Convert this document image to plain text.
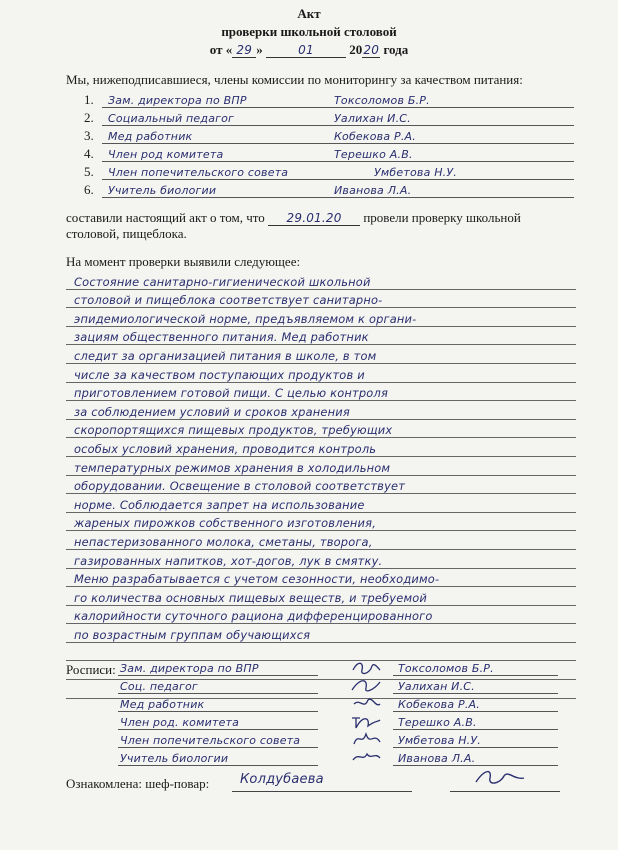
Акт
проверки школьной столовой
от « 29 »	01	2020 года
Мы, нижеподписавшиеся, члены комиссии по мониторингу за качеством питания:
1. Зам. директора по ВПР	Токсоломов Б.Р.
2. Социальный педагог	Уалихан И.С.
3. Мед работник	Кобекова Р.А.
4. Член род комитета	Терешко А.В.
5. Член попечительского совета	Умбетова Н.У.
6. Учитель биологии	Иванова Л.А.
составили настоящий акт о том, что 29.01.20 провели проверку школьной
столовой, пищеблока.
На момент проверки выявили следующее:
Состояние санитарно-гигиенической школьной
столовой и пищеблока соответствует санитарно-
эпидемиологической норме, предъявляемом к органи-
зациям общественного питания. Мед работник
следит за организацией питания в школе, в том
числе за качеством поступающих продуктов и
приготовлением готовой пищи. С целью контроля
за соблюдением условий и сроков хранения
скоропортящихся пищевых продуктов, требующих
особых условий хранения, проводится контроль
температурных режимов хранения в холодильном
оборудовании. Освещение в столовой соответствует
норме. Соблюдается запрет на использование
жареных пирожков собственного изготовления,
непастеризованного молока, сметаны, творога,
газированных напитков, хот-догов, лук в смятку.
Меню разрабатывается с учетом сезонности, необходимо-
го количества основных пищевых веществ, и требуемой
калорийности суточного рациона дифференцированного
по возрастным группам обучающихся
Росписи: Зам. директора по ВПР	Токсоломов Б.Р.
Соц. педагог	Уалихан И.С.
Мед работник	Кобекова Р.А.
Член род. комитета	Терешко А.В.
Член попечительского совета	Умбетова Н.У.
Учитель биологии	Иванова Л.А.
Ознакомлена: шеф-повар: Колдубаева
